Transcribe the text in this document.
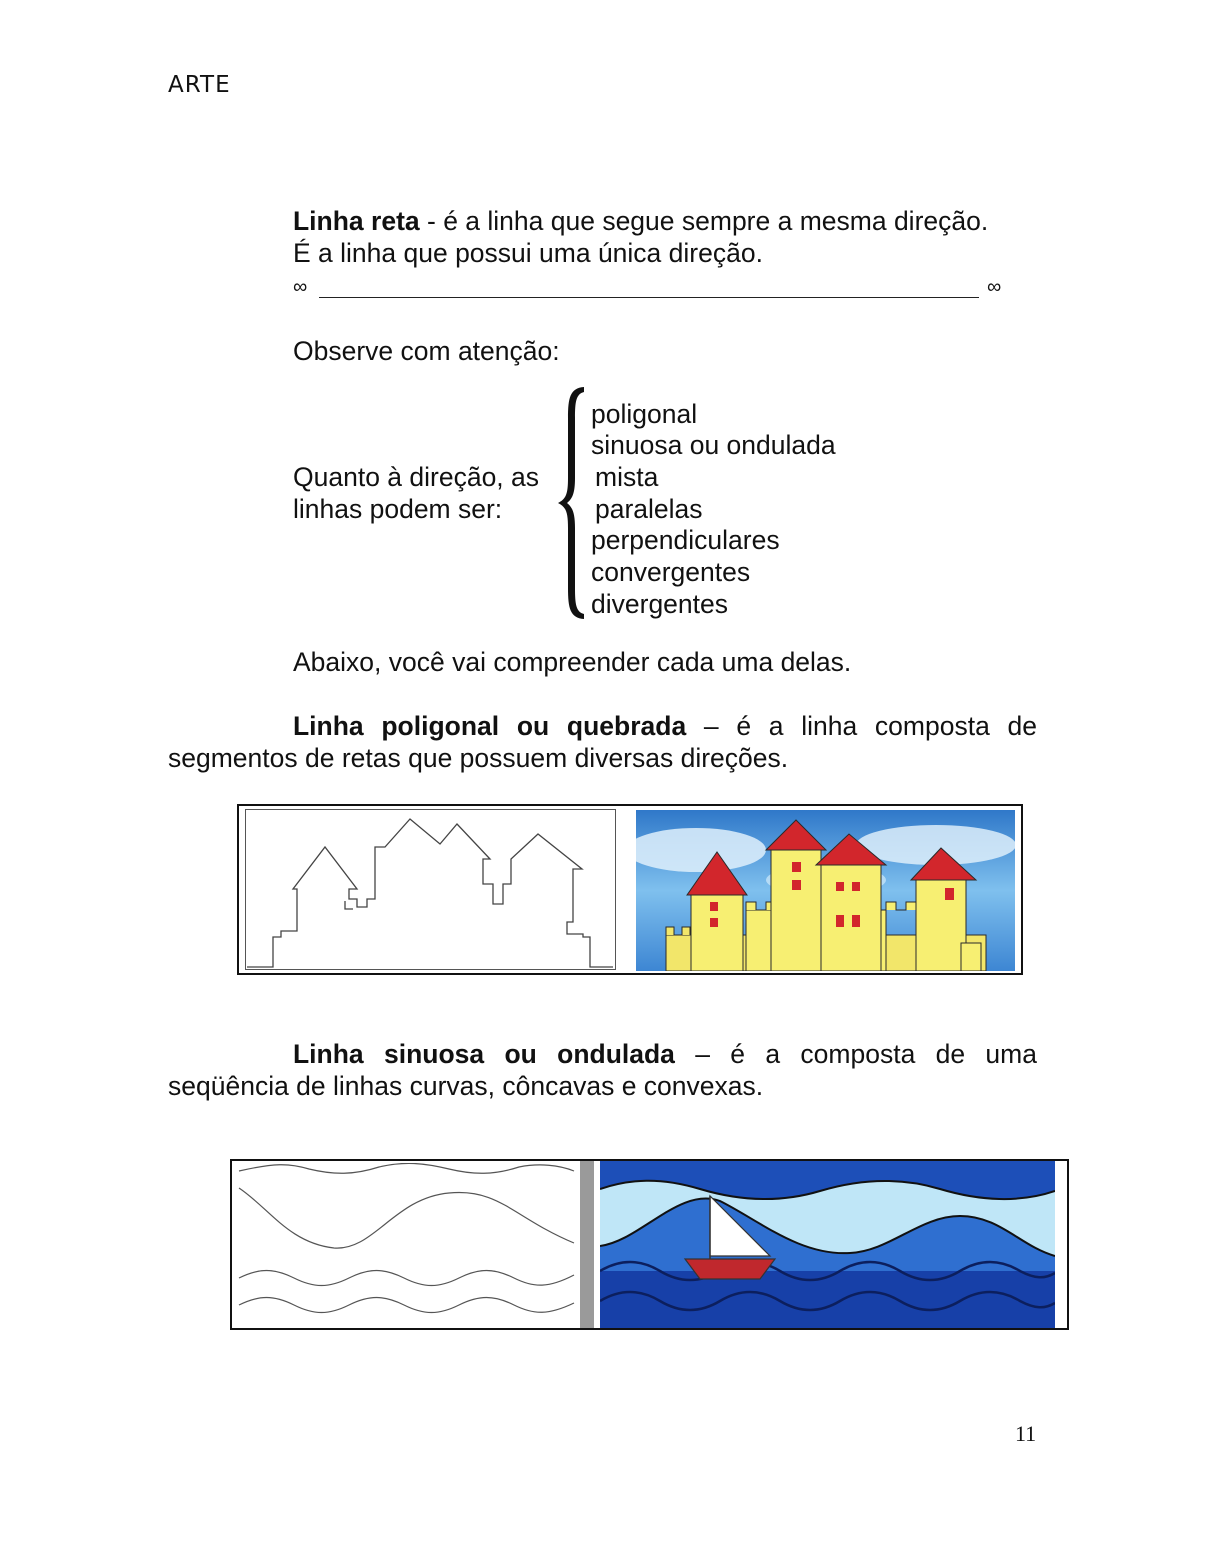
ARTE
Linha reta - é a linha que segue sempre a mesma direção.
É a linha que possui uma única direção.
∞	∞
Observe com atenção:
Quanto à direção, as
linhas podem ser:
poligonal
sinuosa ou ondulada
mista
paralelas
perpendiculares
convergentes
divergentes
Abaixo, você vai compreender cada uma delas.
Linha poligonal ou quebrada – é a linha composta de
segmentos de retas que possuem diversas direções.
Linha sinuosa ou ondulada – é a composta de uma
seqüência de linhas curvas, côncavas e convexas.
11
